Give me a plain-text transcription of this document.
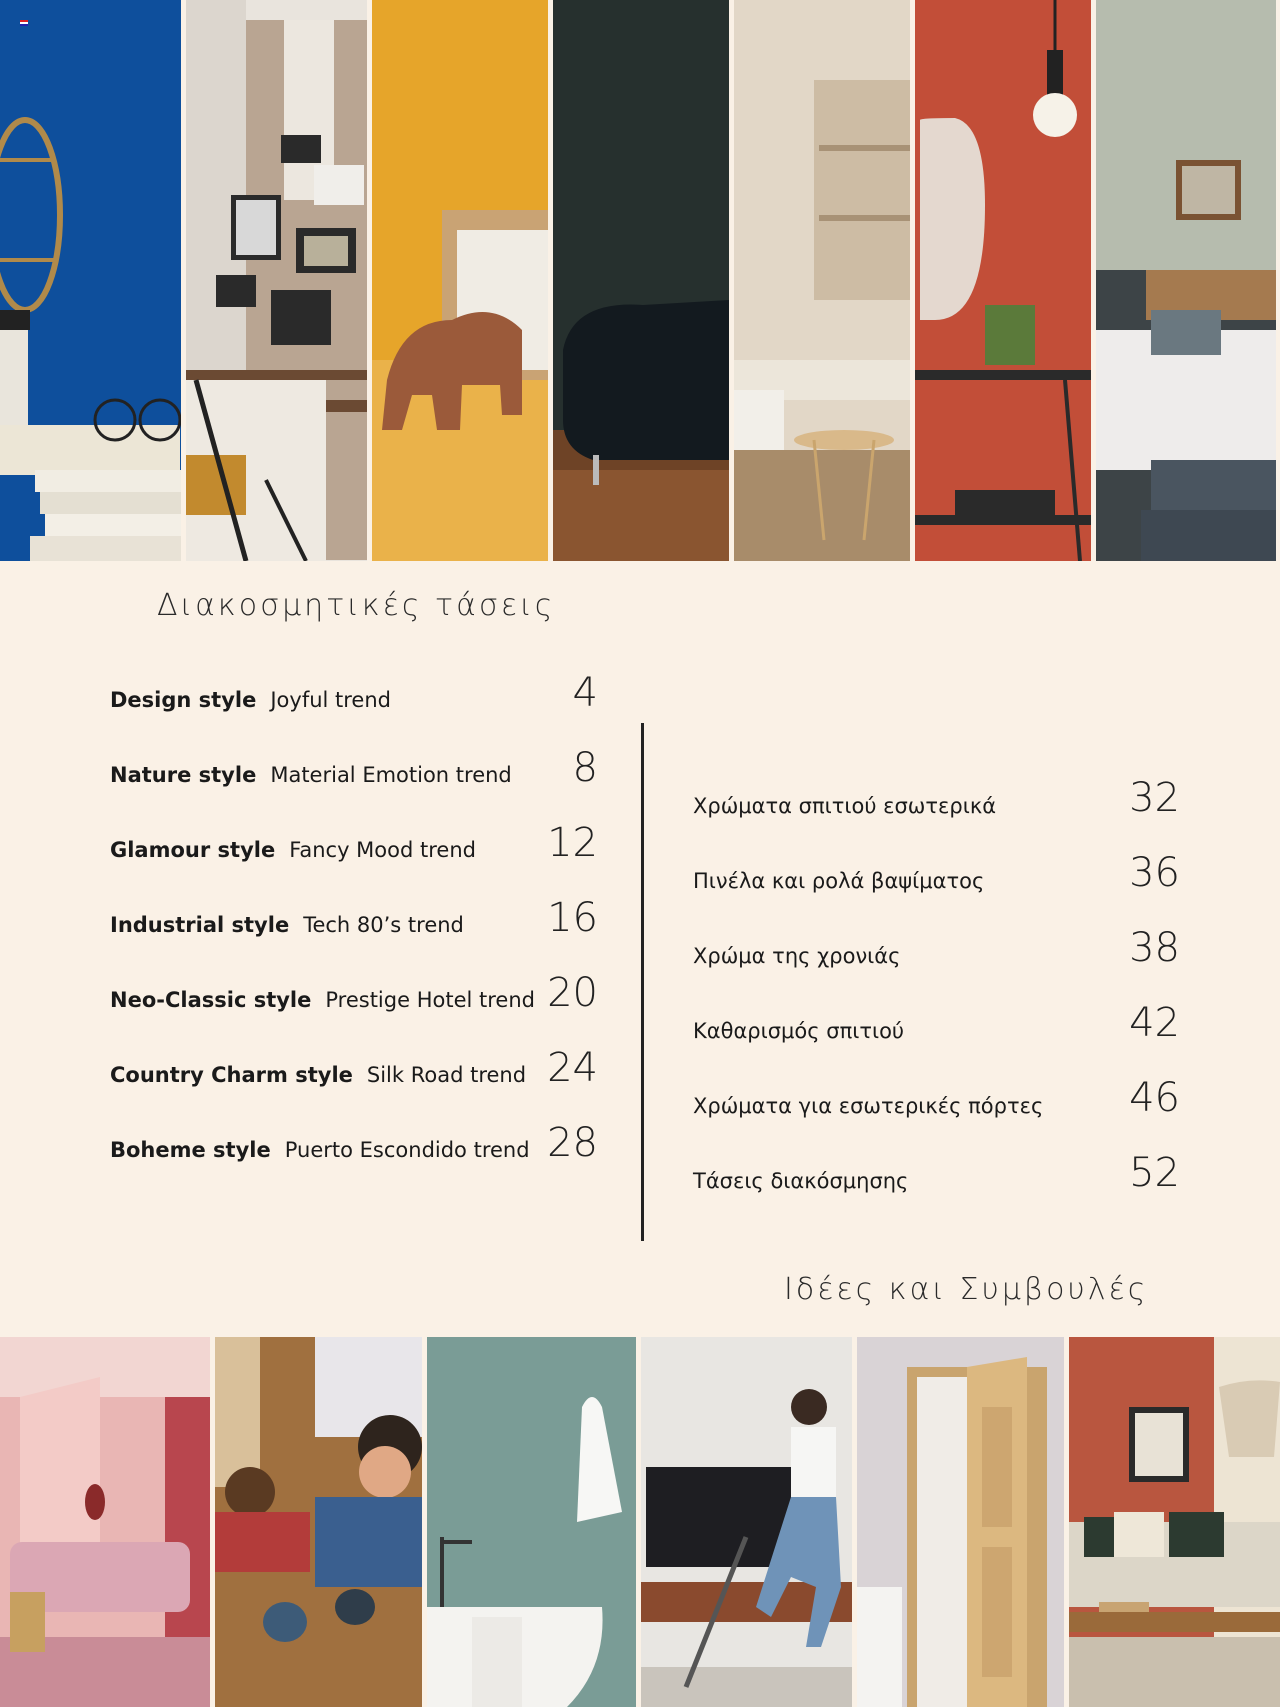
Διακοσμητικές τάσεις
Design style Joyful trend	4
Nature style Material Emotion trend	8
Glamour style Fancy Mood trend	12
Industrial style Tech 80’s trend	16
Neo-Classic style Prestige Hotel trend 20
Country Charm style Silk Road trend 24
Boheme style Puerto Escondido trend 28
Χρώματα σπιτιού εσωτερικά	32
Πινέλα και ρολά βαψίματος	36
Χρώμα της χρονιάς	38
Καθαρισμός σπιτιού	42
Χρώματα για εσωτερικές πόρτες	46
Τάσεις διακόσμησης	52
Ιδέες και Συμβουλές
